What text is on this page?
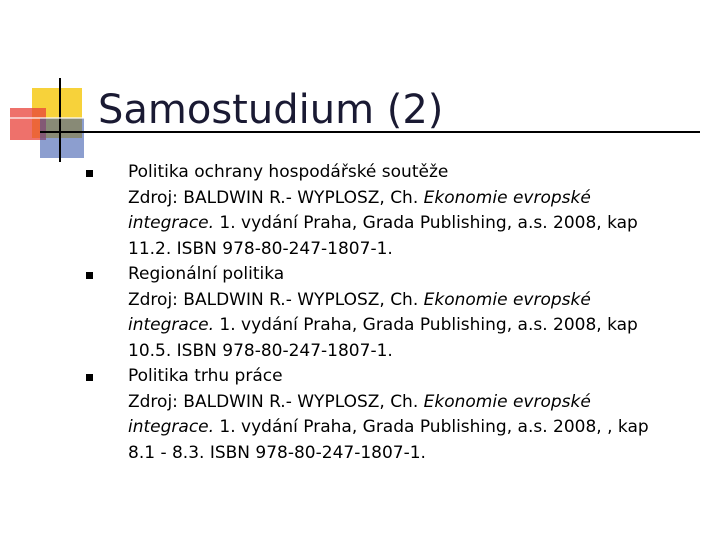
Samostudium (2)
Politika ochrany hospodářské soutěže
Zdroj: BALDWIN R.- WYPLOSZ, Ch. Ekonomie evropské
integrace. 1. vydání Praha, Grada Publishing, a.s. 2008, kap
11.2. ISBN 978-80-247-1807-1.
Regionální politika
Zdroj: BALDWIN R.- WYPLOSZ, Ch. Ekonomie evropské
integrace. 1. vydání Praha, Grada Publishing, a.s. 2008, kap
10.5. ISBN 978-80-247-1807-1.
Politika trhu práce
Zdroj: BALDWIN R.- WYPLOSZ, Ch. Ekonomie evropské
integrace. 1. vydání Praha, Grada Publishing, a.s. 2008, , kap
8.1 - 8.3. ISBN 978-80-247-1807-1.
